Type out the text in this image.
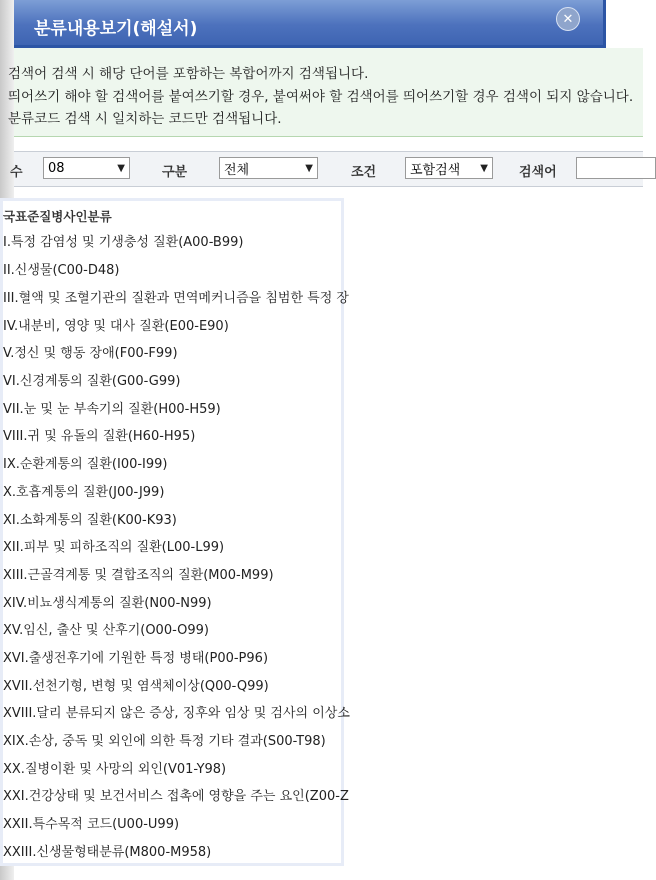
분류내용보기(해설서)	✕
검색어 검색 시 해당 단어를 포함하는 복합어까지 검색됩니다.
띄어쓰기 해야 할 검색어를 붙여쓰기할 경우, 붙여써야 할 검색어를 띄어쓰기할 경우 검색이 되지 않습니다.
분류코드 검색 시 일치하는 코드만 검색됩니다.
수 08	▼	구분	전체	▼	조건	포함검색 ▼ 검색어
국표준질병사인분류
I.특정 감염성 및 기생충성 질환(A00-B99)
II.신생물(C00-D48)
III.혈액 및 조혈기관의 질환과 면역메커니즘을 침범한 특정 장
IV.내분비, 영양 및 대사 질환(E00-E90)
V.정신 및 행동 장애(F00-F99)
VI.신경계통의 질환(G00-G99)
VII.눈 및 눈 부속기의 질환(H00-H59)
VIII.귀 및 유돌의 질환(H60-H95)
IX.순환계통의 질환(I00-I99)
X.호흡계통의 질환(J00-J99)
XI.소화계통의 질환(K00-K93)
XII.피부 및 피하조직의 질환(L00-L99)
XIII.근골격계통 및 결합조직의 질환(M00-M99)
XIV.비뇨생식계통의 질환(N00-N99)
XV.임신, 출산 및 산후기(O00-O99)
XVI.출생전후기에 기원한 특정 병태(P00-P96)
XVII.선천기형, 변형 및 염색체이상(Q00-Q99)
XVIII.달리 분류되지 않은 증상, 징후와 임상 및 검사의 이상소
XIX.손상, 중독 및 외인에 의한 특정 기타 결과(S00-T98)
XX.질병이환 및 사망의 외인(V01-Y98)
XXI.건강상태 및 보건서비스 접촉에 영향을 주는 요인(Z00-Z
XXII.특수목적 코드(U00-U99)
XXIII.신생물형태분류(M800-M958)
